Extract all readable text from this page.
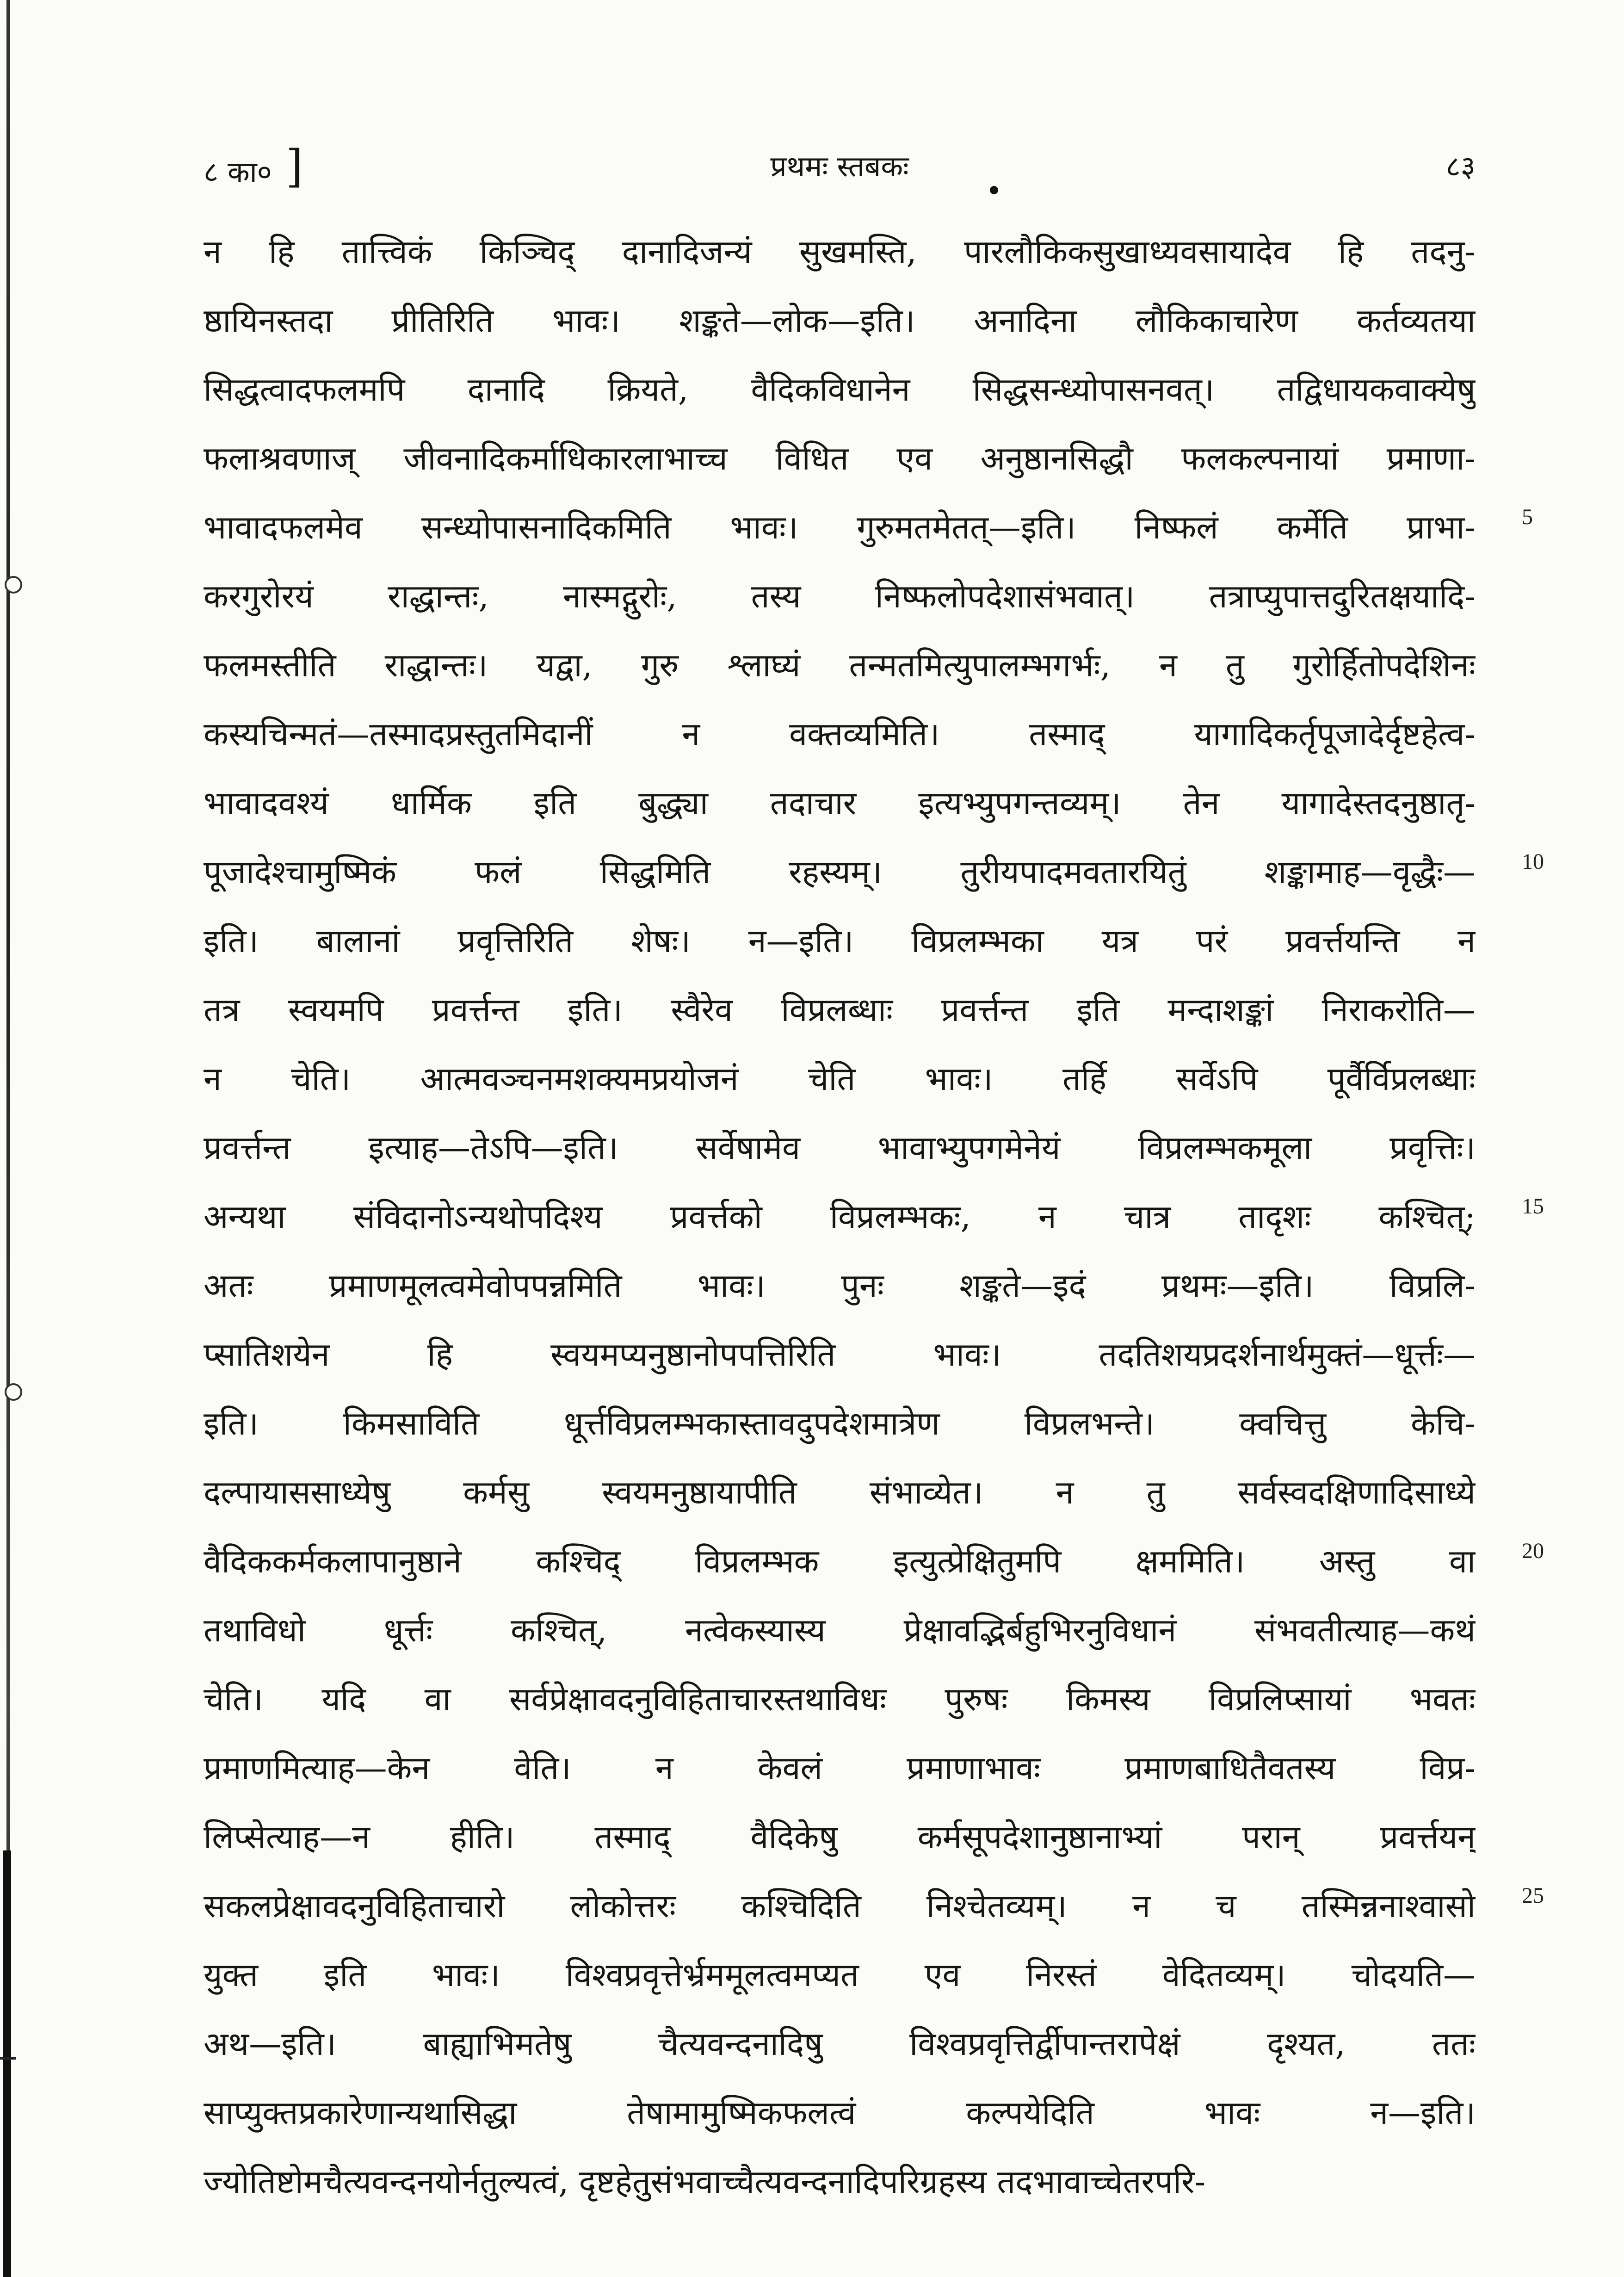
८ का० ]	प्रथमः स्तबकः	८३
न हि तात्त्विकं किञ्चिद् दानादिजन्यं सुखमस्ति, पारलौकिकसुखाध्यवसायादेव हि तदनु-
ष्ठायिनस्तदा प्रीतिरिति भावः। शङ्कते—लोक—इति। अनादिना लौकिकाचारेण कर्तव्यतया
सिद्धत्वादफलमपि दानादि क्रियते, वैदिकविधानेन सिद्धसन्ध्योपासनवत्। तद्विधायकवाक्येषु
फलाश्रवणाज् जीवनादिकर्माधिकारलाभाच्च विधित एव अनुष्ठानसिद्धौ फलकल्पनायां प्रमाणा-
भावादफलमेव सन्ध्योपासनादिकमिति भावः। गुरुमतमेतत्—इति। निष्फलं कर्मेति प्राभा-
करगुरोरयं राद्धान्तः, नास्मद्गुरोः, तस्य निष्फलोपदेशासंभवात्। तत्राप्युपात्तदुरितक्षयादि-
फलमस्तीति राद्धान्तः। यद्वा, गुरु श्लाघ्यं तन्मतमित्युपालम्भगर्भः, न तु गुरोर्हितोपदेशिनः
कस्यचिन्मतं—तस्मादप्रस्तुतमिदानीं न वक्तव्यमिति। तस्माद् यागादिकर्तृपूजादेर्दृष्टहेत्व-
भावादवश्यं धार्मिक इति बुद्ध्या तदाचार इत्यभ्युपगन्तव्यम्। तेन यागादेस्तदनुष्ठातृ-
पूजादेश्चामुष्मिकं फलं सिद्धमिति रहस्यम्। तुरीयपादमवतारयितुं शङ्कामाह—वृद्धैः—
इति। बालानां प्रवृत्तिरिति शेषः। न—इति। विप्रलम्भका यत्र परं प्रवर्त्तयन्ति न
तत्र स्वयमपि प्रवर्त्तन्त इति। स्वैरेव विप्रलब्धाः प्रवर्त्तन्त इति मन्दाशङ्कां निराकरोति—
न चेति। आत्मवञ्चनमशक्यमप्रयोजनं चेति भावः। तर्हि सर्वेऽपि पूर्वैर्विप्रलब्धाः
प्रवर्त्तन्त इत्याह—तेऽपि—इति। सर्वेषामेव भावाभ्युपगमेनेयं विप्रलम्भकमूला प्रवृत्तिः।
अन्यथा संविदानोऽन्यथोपदिश्य प्रवर्त्तको विप्रलम्भकः, न चात्र तादृशः कश्चित्;
अतः प्रमाणमूलत्वमेवोपपन्नमिति भावः। पुनः शङ्कते—इदं प्रथमः—इति। विप्रलि-
प्सातिशयेन हि स्वयमप्यनुष्ठानोपपत्तिरिति भावः। तदतिशयप्रदर्शनार्थमुक्तं—धूर्त्तः—
इति। किमसाविति धूर्त्तविप्रलम्भकास्तावदुपदेशमात्रेण विप्रलभन्ते। क्वचित्तु केचि-
दल्पायाससाध्येषु कर्मसु स्वयमनुष्ठायापीति संभाव्येत। न तु सर्वस्वदक्षिणादिसाध्ये
वैदिककर्मकलापानुष्ठाने कश्चिद् विप्रलम्भक इत्युत्प्रेक्षितुमपि क्षममिति। अस्तु वा
तथाविधो धूर्त्तः कश्चित्, नत्वेकस्यास्य प्रेक्षावद्भिर्बहुभिरनुविधानं संभवतीत्याह—कथं
चेति। यदि वा सर्वप्रेक्षावदनुविहिताचारस्तथाविधः पुरुषः किमस्य विप्रलिप्सायां भवतः
प्रमाणमित्याह—केन वेति। न केवलं प्रमाणाभावः प्रमाणबाधितैवतस्य विप्र-
लिप्सेत्याह—न हीति। तस्माद् वैदिकेषु कर्मसूपदेशानुष्ठानाभ्यां परान् प्रवर्त्तयन्
सकलप्रेक्षावदनुविहिताचारो लोकोत्तरः कश्चिदिति निश्चेतव्यम्। न च तस्मिन्ननाश्वासो
युक्त इति भावः। विश्वप्रवृत्तेर्भ्रममूलत्वमप्यत एव निरस्तं वेदितव्यम्। चोदयति—
अथ—इति। बाह्याभिमतेषु चैत्यवन्दनादिषु विश्वप्रवृत्तिर्द्वीपान्तरापेक्षं दृश्यत, ततः
साप्युक्तप्रकारेणान्यथासिद्धा तेषामामुष्मिकफलत्वं कल्पयेदिति भावः न—इति।
ज्योतिष्टोमचैत्यवन्दनयोर्नतुल्यत्वं, दृष्टहेतुसंभवाच्चैत्यवन्दनादिपरिग्रहस्य तदभावाच्चेतरपरि-
5
10
15
20
25
